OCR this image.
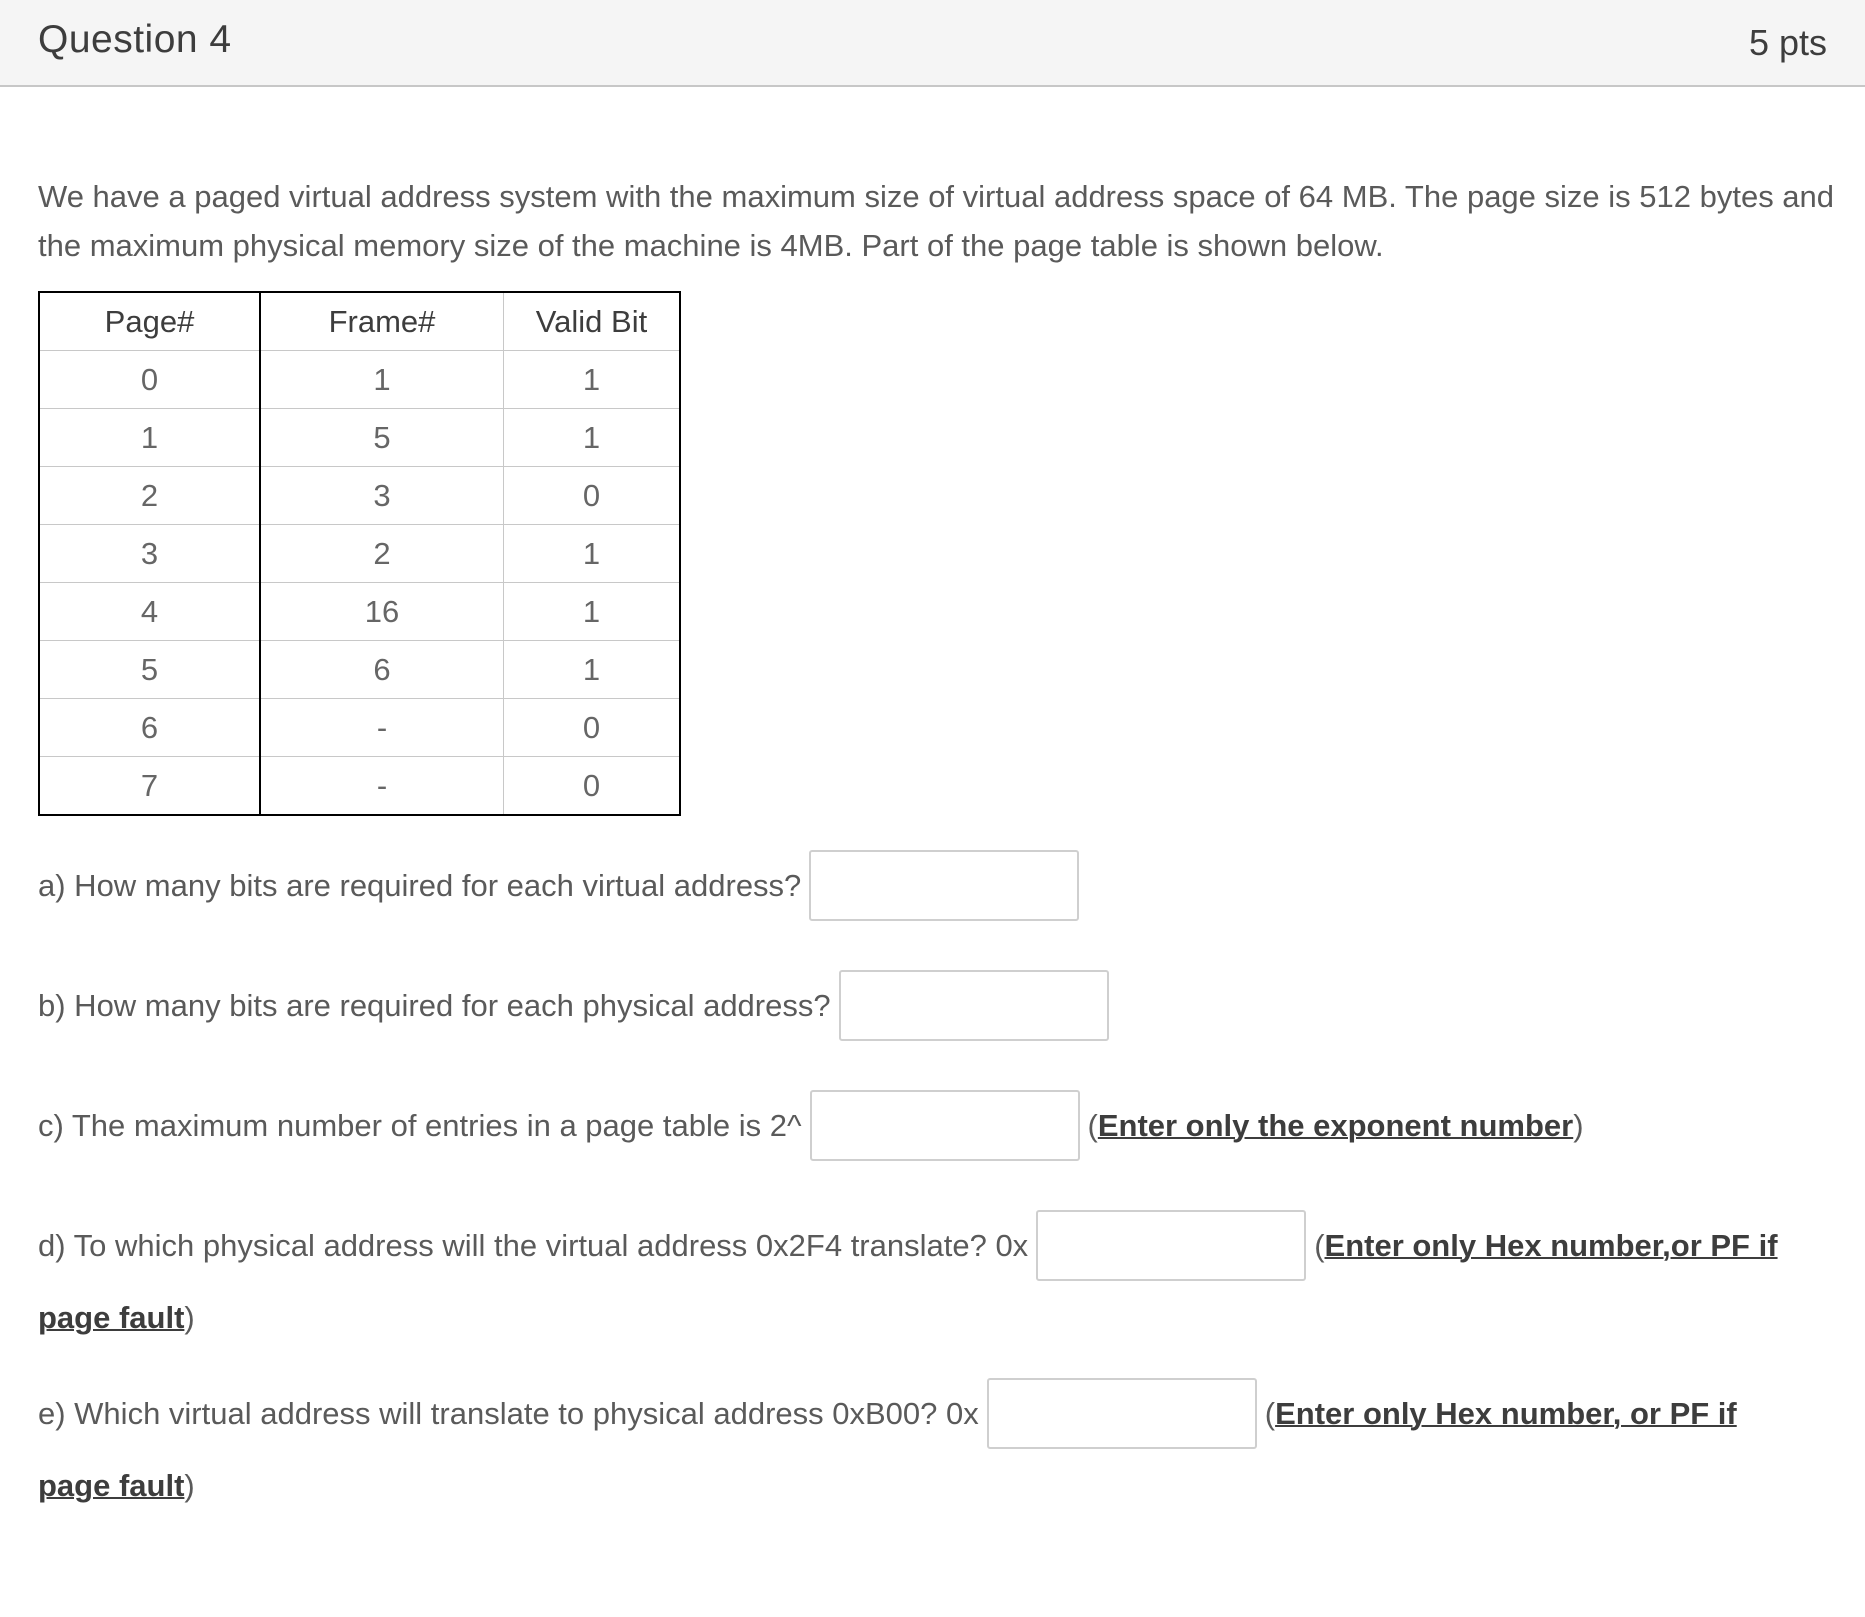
Question 4	5 pts
We have a paged virtual address system with the maximum size of virtual address space of 64 MB. The page size is 512 bytes and the maximum physical memory size of the machine is 4MB. Part of the page table is shown below.
Page#	Frame#	Valid Bit
0	1	1
1	5	1
2	3	0
3	2	1
4	16	1
5	6	1
6	-	0
7	-	0
a) How many bits are required for each virtual address?
b) How many bits are required for each physical address?
c) The maximum number of entries in a page table is 2^	(Enter only the exponent number)
d) To which physical address will the virtual address 0x2F4 translate? 0x	(Enter only Hex number,or PF if
page fault)
e) Which virtual address will translate to physical address 0xB00? 0x	(Enter only Hex number, or PF if
page fault)
